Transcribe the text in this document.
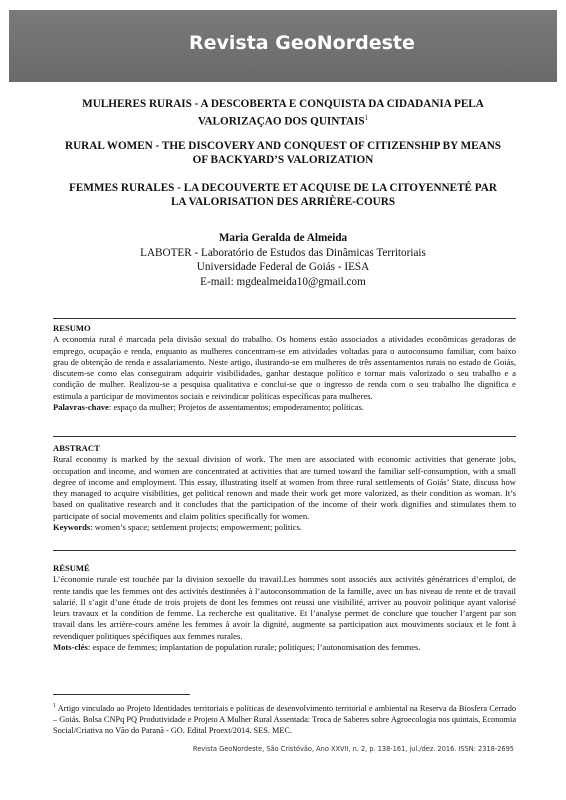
Revista GeoNordeste
MULHERES RURAIS - A DESCOBERTA E CONQUISTA DA CIDADANIA PELA VALORIZAÇAO DOS QUINTAIS$^1$
RURAL WOMEN - THE DISCOVERY AND CONQUEST OF CITIZENSHIP BY MEANS OF BACKYARD’S VALORIZATION
FEMMES RURALES - LA DECOUVERTE ET ACQUISE DE LA CITOYENNETÉ PAR LA VALORISATION DES ARRIÈRE-COURS
Maria Geralda de Almeida
LABOTER - Laboratório de Estudos das Dinâmicas Territoriais
Universidade Federal de Goiás - IESA
E-mail: mgdealmeida10@gmail.com
RESUMO
A economia rural é marcada pela divisão sexual do trabalho. Os homens estão associados a atividades econômicas geradoras de emprego, ocupação e renda, enquanto as mulheres concentram-se em atividades voltadas para o autoconsumo familiar, com baixo grau de obtenção de renda e assalariamento. Neste artigo, ilustrando-se em mulheres de três assentamentos rurais no estado de Goiás, discutem-se como elas conseguiram adquirir visibilidades, ganhar destaque político e tornar mais valorizado o seu trabalho e a condição de mulher. Realizou-se a pesquisa qualitativa e conclui-se que o ingresso de renda com o seu trabalho lhe dignifica e estimula a participar de movimentos sociais e reivindicar políticas específicas para mulheres.
Palavras-chave: espaço da mulher; Projetos de assentamentos; empoderamento; políticas.
ABSTRACT
Rural economy is marked by the sexual division of work. The men are associated with economic activities that generate jobs, occupation and income, and women are concentrated at activities that are turned toward the familiar self-consumption, with a small degree of income and employment. This essay, illustrating itself at women from three rural settlements of Goiás’ State, discuss how they managed to acquire visibilities, get political renown and made their work get more valorized, as their condition as woman. It’s based on qualitative research and it concludes that the participation of the income of their work dignifies and stimulates them to participate of social movements and claim politics specifically for women.
Keywords: women’s space; settlement projects; empowerment; politics.
RÉSUMÉ
L’économie rurale est touchée par la division sexuelle du travail.Les hommes sont associés aux activités génératrices d’emploi, de rente tandis que les femmes ont des activités destinnées à l’autoconsommation de la famille, avec un bas niveau de rente et de travail salarié. Il s’agit d’une étude de trois projets de dont les femmes ont reussi une visibilité, arriver au pouvoir politique ayant valorisé leurs travaux et la condition de femme. La recherche est qualitative. Et l’analyse permet de conclure que toucher l’argent par son travail dans les arrière-cours améne les femmes à avoir la dignité, augmente sa participation aux mouviments sociaux et le font à revendiquer politiques spécifiques aux femmes rurales.
Mots-clés: espace de femmes; implantation de population rurale; politiques; l’autonomisation des femmes.
$^1$ Artigo vinculado ao Projeto Identidades territoriais e políticas de desenvolvimento territorial e ambiental na Reserva da Biosfera Cerrado – Goiás. Bolsa CNPq PQ Produtividade e Projeto A Mulher Rural Assentada: Troca de Saberes sobre Agroecologia nos quintais, Economia Social/Criativa no Vão do Paranã - GO. Edital Proext/2014. SES. MEC.
Revista GeoNordeste, São Cristóvão, Ano XXVII, n. 2, p. 138-161, jul./dez. 2016. ISSN: 2318-2695
